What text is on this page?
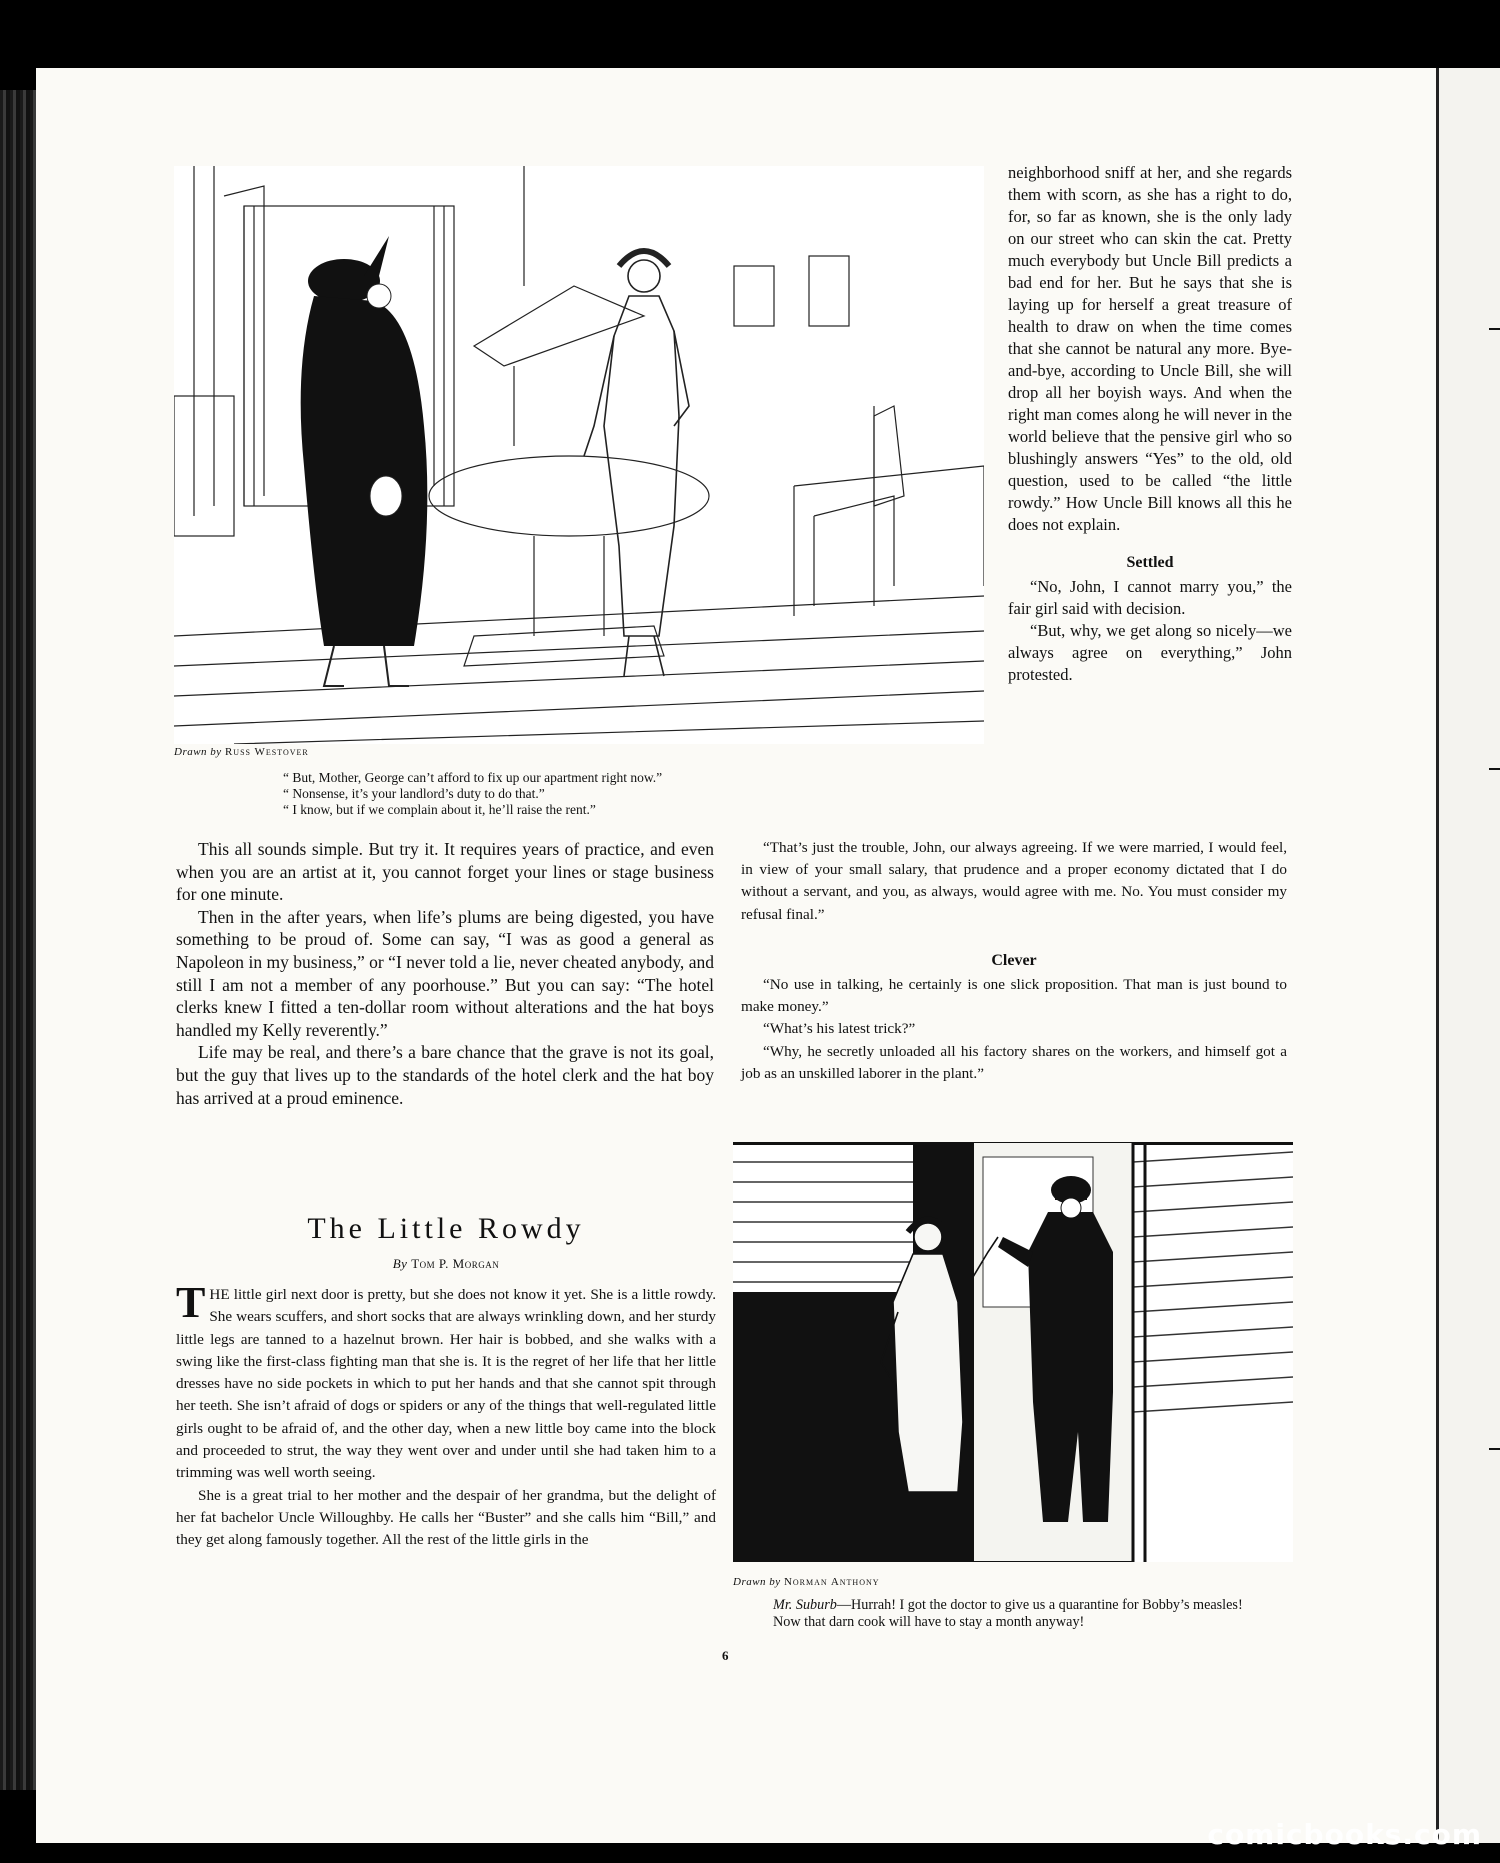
Drawn by Russ Westover
“ But, Mother, George can’t afford to fix up our apartment right now.”
“ Nonsense, it’s your landlord’s duty to do that.”
“ I know, but if we complain about it, he’ll raise the rent.”

neighborhood sniff at her, and she regards them with scorn, as she has a right to do, for, so far as known, she is the only lady on our street who can skin the cat. Pretty much everybody but Uncle Bill predicts a bad end for her. But he says that she is laying up for herself a great treasure of health to draw on when the time comes that she cannot be natural any more. Bye-and-bye, according to Uncle Bill, she will drop all her boyish ways. And when the right man comes along he will never in the world believe that the pensive girl who so blushingly answers “Yes” to the old, old question, used to be called “the little rowdy.” How Uncle Bill knows all this he does not explain.

Settled

“No, John, I cannot marry you,” the fair girl said with decision.

“But, why, we get along so nicely—we always agree on everything,” John protested.

“That’s just the trouble, John, our always agreeing. If we were married, I would feel, in view of your small salary, that prudence and a proper economy dictated that I do without a servant, and you, as always, would agree with me. No. You must consider my refusal final.”

Clever

“No use in talking, he certainly is one slick proposition. That man is just bound to make money.”

“What’s his latest trick?”

“Why, he secretly unloaded all his factory shares on the workers, and himself got a job as an unskilled laborer in the plant.”

This all sounds simple. But try it. It requires years of practice, and even when you are an artist at it, you cannot forget your lines or stage business for one minute.

Then in the after years, when life’s plums are being digested, you have something to be proud of. Some can say, “I was as good a general as Napoleon in my business,” or “I never told a lie, never cheated anybody, and still I am not a member of any poorhouse.” But you can say: “The hotel clerks knew I fitted a ten-dollar room without alterations and the hat boys handled my Kelly reverently.”

Life may be real, and there’s a bare chance that the grave is not its goal, but the guy that lives up to the standards of the hotel clerk and the hat boy has arrived at a proud eminence.

The Little Rowdy
By Tom P. Morgan

THE little girl next door is pretty, but she does not know it yet. She is a little rowdy. She wears scuffers, and short socks that are always wrinkling down, and her sturdy little legs are tanned to a hazelnut brown. Her hair is bobbed, and she walks with a swing like the first-class fighting man that she is. It is the regret of her life that her little dresses have no side pockets in which to put her hands and that she cannot spit through her teeth. She isn’t afraid of dogs or spiders or any of the things that well-regulated little girls ought to be afraid of, and the other day, when a new little boy came into the block and proceeded to strut, the way they went over and under until she had taken him to a trimming was well worth seeing.

She is a great trial to her mother and the despair of her grandma, but the delight of her fat bachelor Uncle Willoughby. He calls her “Buster” and she calls him “Bill,” and they get along famously together. All the rest of the little girls in the

Drawn by Norman Anthony
Mr. Suburb—Hurrah! I got the doctor to give us a quarantine for Bobby’s measles! Now that darn cook will have to stay a month anyway!
6
comicbooks.com
